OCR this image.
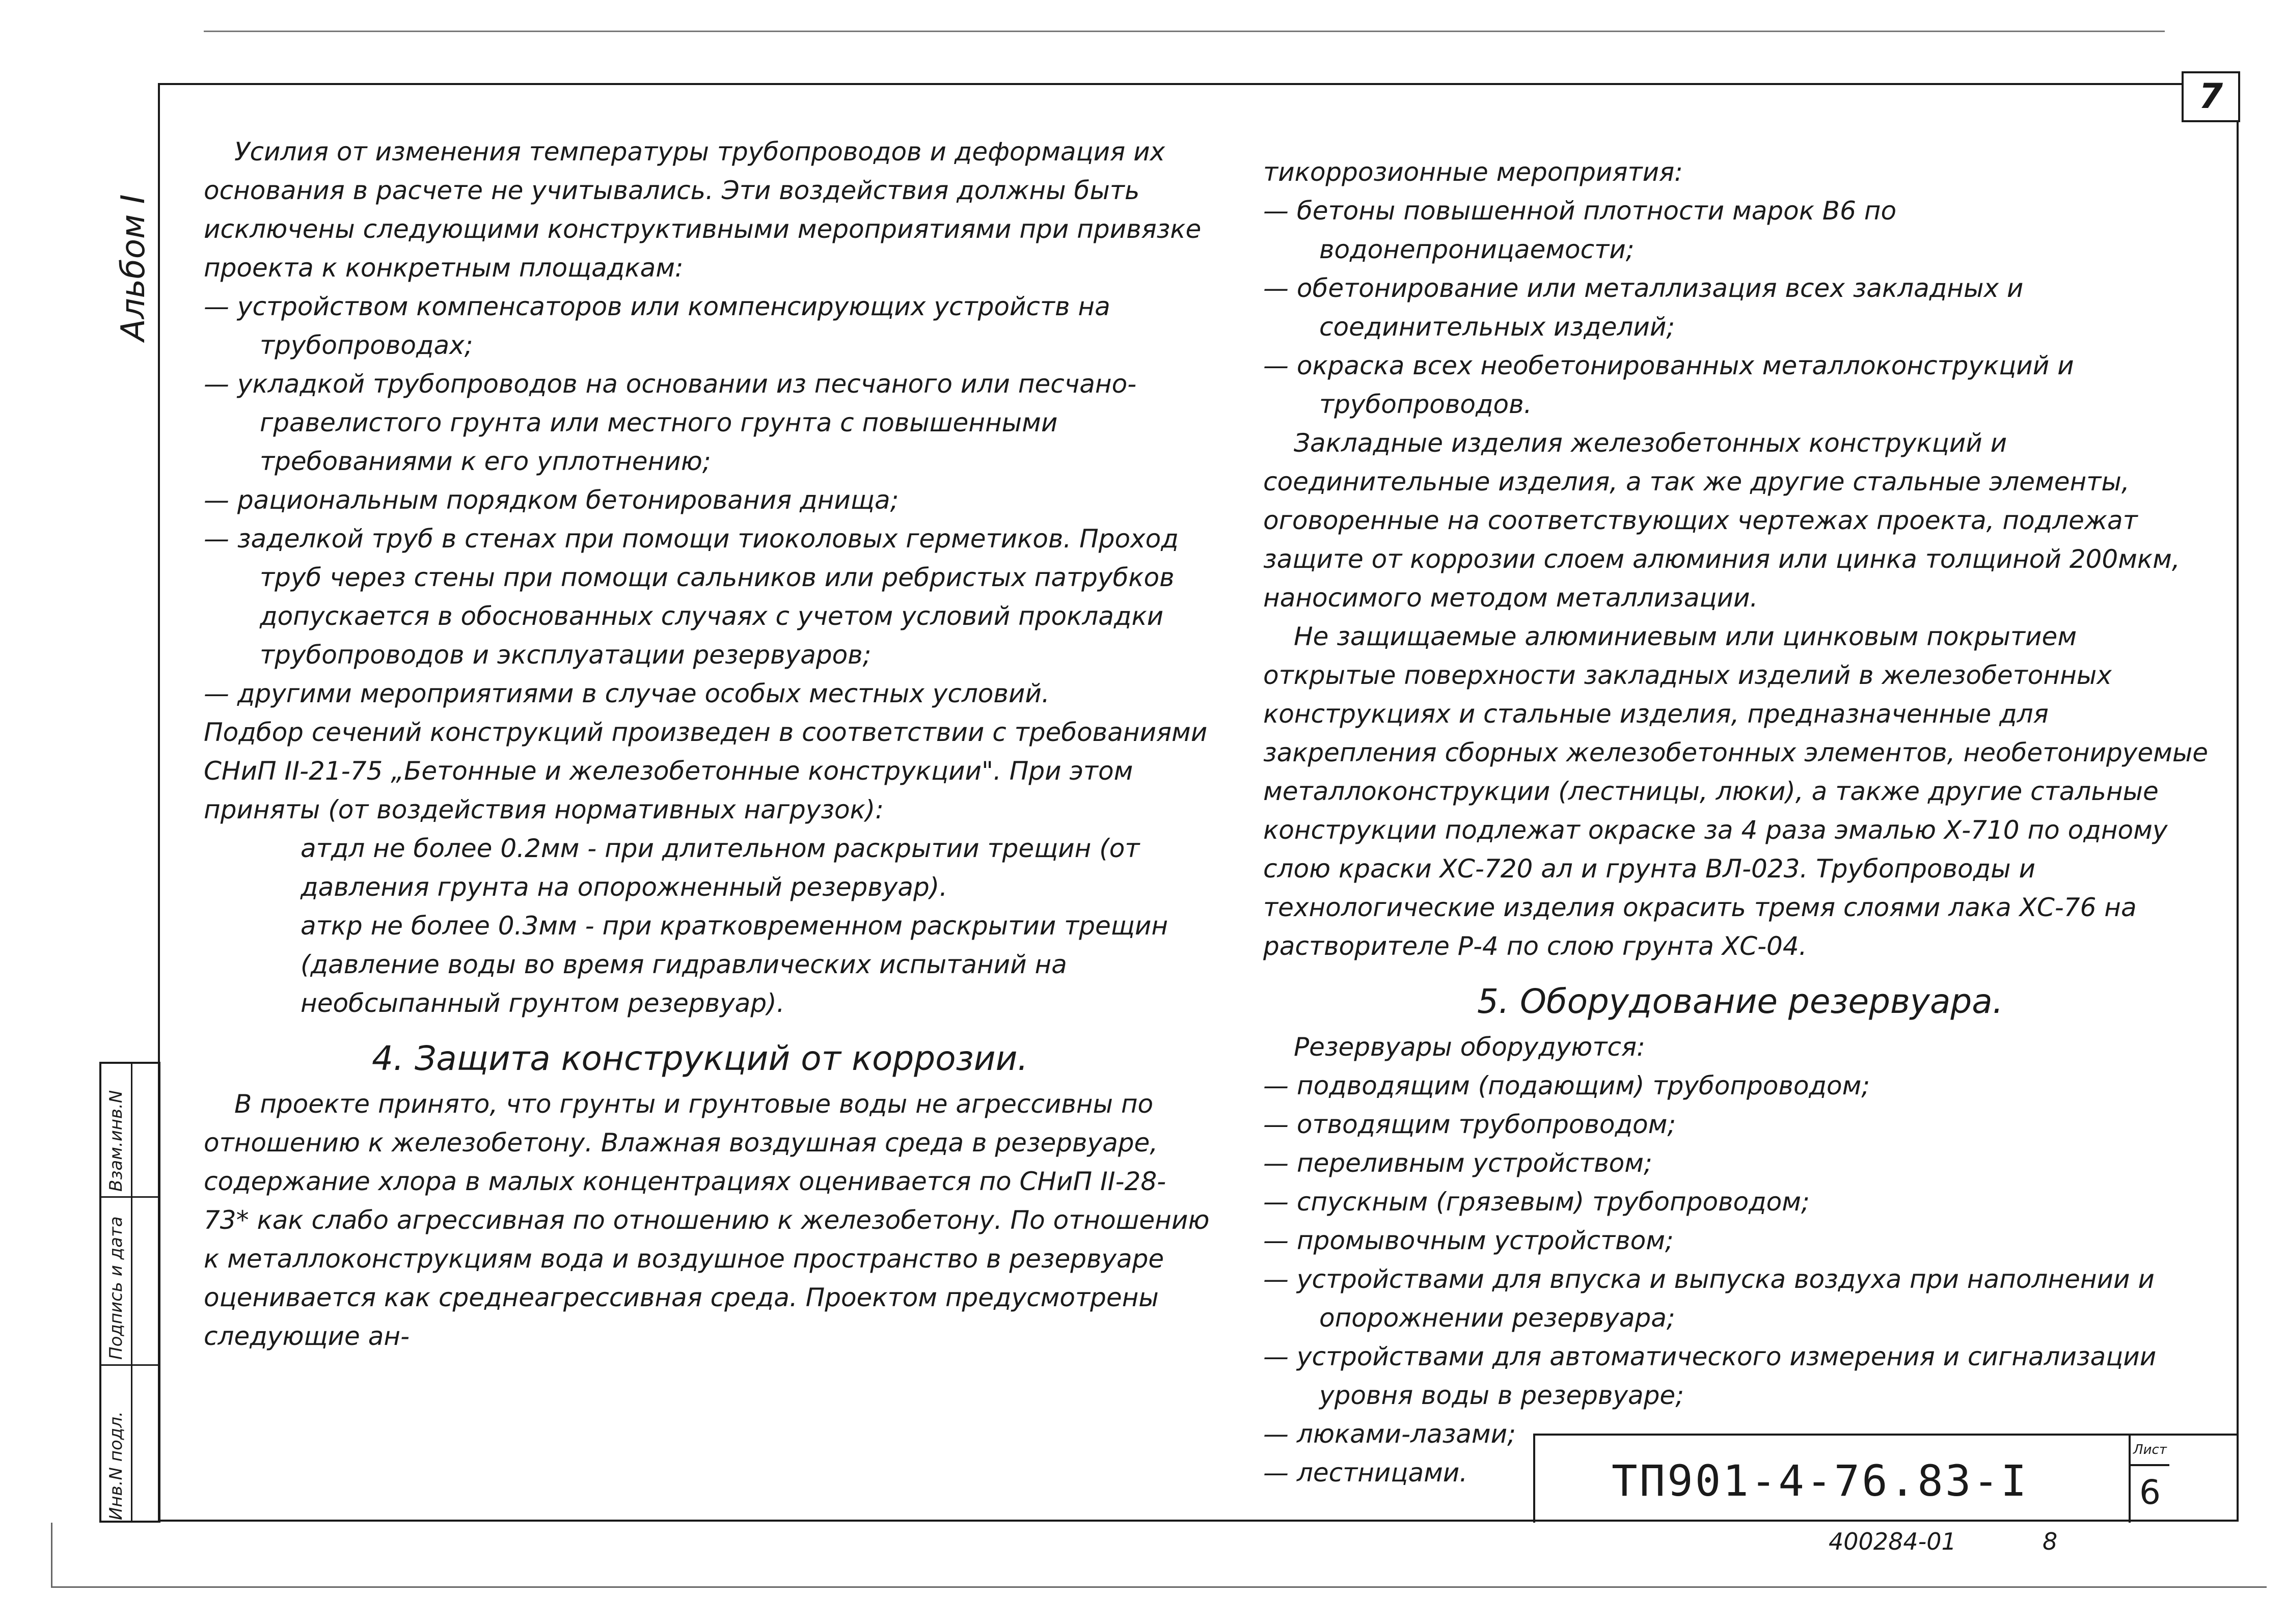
7
Альбом I
Инв.N подл.
Подпись и дата
Взам.инв.N

Усилия от изменения температуры трубопроводов и деформация их основания в расчете не учитывались. Эти воздействия должны быть исключены следующими конструктивными мероприятиями при привязке проекта к конкретным площадкам:

— устройством компенсаторов или компенсирующих устройств на трубопроводах;

— укладкой трубопроводов на основании из песчаного или песчано-гравелистого грунта или местного грунта с повышенными требованиями к его уплотнению;

— рациональным порядком бетонирования днища;

— заделкой труб в стенах при помощи тиоколовых герметиков. Проход труб через стены при помощи сальников или ребристых патрубков допускается в обоснованных случаях с учетом условий прокладки трубопроводов и эксплуатации резервуаров;

— другими мероприятиями в случае особых местных условий.

Подбор сечений конструкций произведен в соответствии с требованиями СНиП II-21-75 „Бетонные и железобетонные конструкции". При этом приняты (от воздействия нормативных нагрузок):

aтдл не более 0.2мм - при длительном раскрытии трещин (от давления грунта на опорожненный резервуар).

aткр не более 0.3мм - при кратковременном раскрытии трещин (давление воды во время гидравлических испытаний на необсыпанный грунтом резервуар).

4. Защита конструкций от коррозии.

В проекте принято, что грунты и грунтовые воды не агрессивны по отношению к железобетону. Влажная воздушная среда в резервуаре, содержание хлора в малых концентрациях оценивается по СНиП II-28-73* как слабо агрессивная по отношению к железобетону. По отношению к металлоконструкциям вода и воздушное пространство в резервуаре оценивается как среднеагрессивная среда. Проектом предусмотрены следующие ан-

тикоррозионные мероприятия:

— бетоны повышенной плотности марок В6 по водонепроницаемости;

— обетонирование или металлизация всех закладных и соединительных изделий;

— окраска всех необетонированных металлоконструкций и трубопроводов.

Закладные изделия железобетонных конструкций и соединительные изделия, а так же другие стальные элементы, оговоренные на соответствующих чертежах проекта, подлежат защите от коррозии слоем алюминия или цинка толщиной 200мкм, наносимого методом металлизации.

Не защищаемые алюминиевым или цинковым покрытием открытые поверхности закладных изделий в железобетонных конструкциях и стальные изделия, предназначенные для закрепления сборных железобетонных элементов, необетонируемые металлоконструкции (лестницы, люки), а также другие стальные конструкции подлежат окраске за 4 раза эмалью Х-710 по одному слою краски ХС-720 ал и грунта ВЛ-023. Трубопроводы и технологические изделия окрасить тремя слоями лака ХС-76 на растворителе Р-4 по слою грунта ХС-04.

5. Оборудование резервуара.

Резервуары оборудуются:

— подводящим (подающим) трубопроводом;

— отводящим трубопроводом;

— переливным устройством;

— спускным (грязевым) трубопроводом;

— промывочным устройством;

— устройствами для впуска и выпуска воздуха при наполнении и опорожнении резервуара;

— устройствами для автоматического измерения и сигнализации уровня воды в резервуаре;

— люками-лазами;

— лестницами.	ТП901-4-76.83-I
Лист
6
400284-01	8
